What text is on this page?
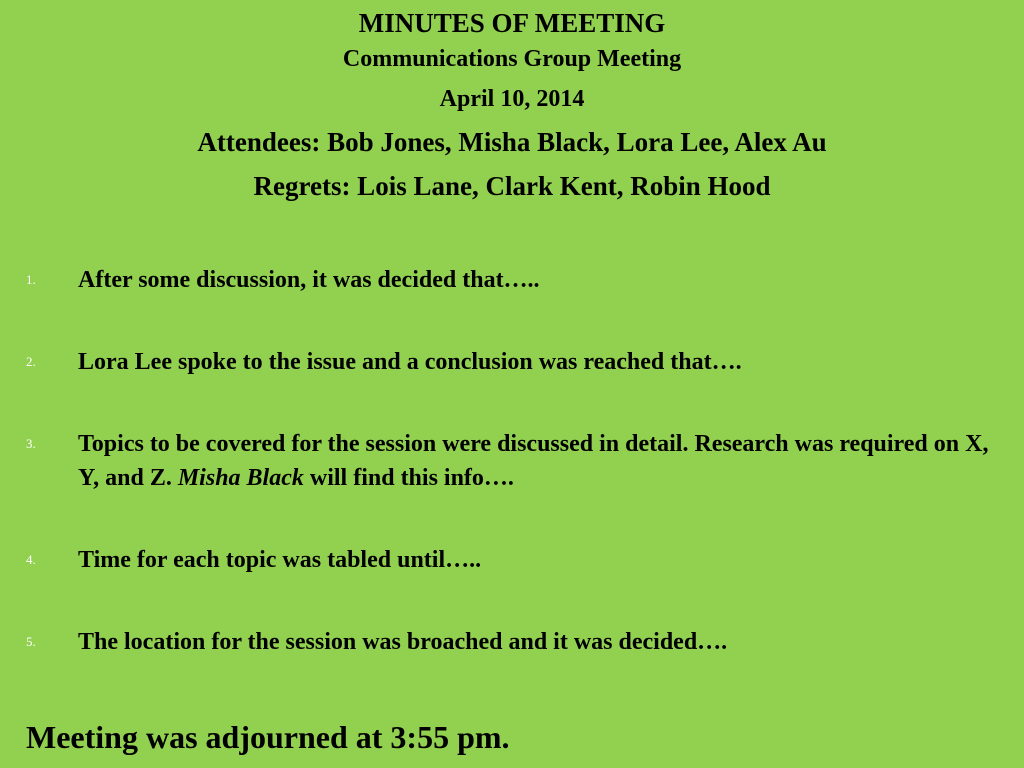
MINUTES OF MEETING
Communications Group Meeting
April 10, 2014
Attendees: Bob Jones, Misha Black, Lora Lee, Alex Au
Regrets: Lois Lane, Clark Kent, Robin Hood
1. After some discussion, it was decided that…..
2. Lora Lee spoke to the issue and a conclusion was reached that….
3. Topics to be covered for the session were discussed in detail. Research was required on X, Y, and Z. Misha Black will find this info….
4. Time for each topic was tabled until…..
5. The location for the session was broached and it was decided….
Meeting was adjourned at 3:55 pm.
